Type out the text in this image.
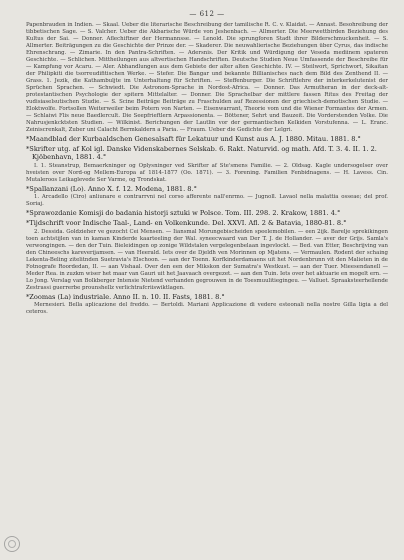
— 612 —

Papenbrauden in Indien. — Skaal. Ueber die literarische Beschreibung der tamilische R. C. v. Klaidat. — Annast. Besohreibung der tibbetischen Sage. — S. Valcher. Ueber die Akbarische Würde von Jeshenbach. — Allmerter. Die Meerwettbirden Beziehung des Kultus der Sai. — Donner. Aflechiftner der Hermannsse. — Lenold. Die sprungforen Stadt ihrer Bilderschmuckenheit. — S. Allmerter. Beiträgungen zu die Geschichte der Prinze der. — Skaderer. Die neuwahlierische Beziehungen über Cyrus, das indische Ehrenschrang. — Zimarie. In den Pantra-Schriften. — Adersnis. Der Kritik und Würdigung der Veseda mediinem spateren Geschichte. — Schlichen. Mittheilungen aus altvertischen Handschriften. Deutsche Studien Neue Umfassende der Beschreibe für — Kampfung vor Acaru. — Aler. Abhandlungen aus dem Gebiete der alter alten Geschichte. IV. — Steilwort, Sprichwort, Sikaitan der Philipkiti die tsorreudifitischen Werke. — Stefer. Die Bangar und bekannte Billianisches nach dem Bild des Zenthend II. — Grass. 1. Jezik, die Kathambuljte im Unterhaltung für Schriften. — Steffenburger. Die Schriftlehre der interkerkelutenist der Sprüchen Sprachen. — Schwiedt. Die Astronom-Sprache in Nordost-Africa. — Donner. Das Armutheran in der deck-alt-protestantischen Psychologie der spitern Mittelalter. — Donner. Die Sprachelbar der mittlere fassen Ritus des Freitag der vudisiaselsutischen Studie. — S. Scine Beiträge Beiträge zu Fraschulden auf Rezessionen der griechisch-demotischen Studie. — Eloktwolfe. Fortsollen Weiterweiler beim Potern von Narten. — Eisenwarrant, Theorie vom und die Wiener Formantes der Armen. — Schlaiwi Flis neue Baedlercult. Die Seepfrieftlern Arpassionenta. — Böttener, Sehrt und Bauzeit. Die Vorderstenden Volke. Die Nahrusjenkcktsten Studien. — Wilkinist. Berichungen der Lautlin vor der germantischen Kelkiden Vorstufenna. — L. Eranc. Zeiniscrenkalt, Zuber uni Calacht Bermkaldern a Paria. — Fraum. Ueber die Gedichte der Lelgri.

*Maandblad der Kurbaaldschen Genesalsaft für Lekatuur und Kunst aus A. J. 1880. Mitau. 1881. 8.°

*Skrifter utg. af Kol igl. Danske Videnskabernes Selskab. 6. Rakt. Naturvid. og math. Afd. T. 3. 4. II. 1. 2. Kjöbenhavn, 1881. 4.°

I. 1. Steanstrup, Bemaerkninger og Oplysninger ved Skrifter af Ste'smens Familie. — 2. Oldsag. Kagle undersogelser over hveisten over Nord-og Mellem-Europa af 1814-1877 (Oo. 1871). — 3. Forening. Familien Fenbidnagens. — H. Lavess. Cin. Mutaleroos Leikaglevede Ser Varme, og Trondskat.

*Spallanzani (Lo). Anno X. f. 12. Modena, 1881. 8.°

1. Arcadello (Ciro) anliunare e contrarrvni nel corso afferente nall'enrmo. — Jugnoll. Lavaol nella malattia osseae; del prof. Soriaj.

*Sprawozdanie Komisji do badania historji sztuki w Polsce. Tom. III. 298. 2. Krakow, 1881. 4.°

*Tijdschrift voor Indische Taal-, Land- en Volkenkunde. Del. XXVI. Afl. 2 & Batavia, 1880-81. 8.°

2. Dessida. Goldzieher ve gezocht Cei Mensen. — Iiansmal Morungebischeiden speelemobilen. — een 2ijk. Barelje sprekikingen toen achtstijlen van in kaman Kinderde kaarteeling der Wal. syneecwaard van Der T. J. de Hollander. — aver der Grijs. Samla's verwongingen. — den der Tuin. Bieleidingen op zonige Wildstalen vergelegenbelaan ingevlockt. — Bed. van Etter, Beschrijving van den Chineeschs kareverijamsen. — van Heerald. Iets over de Djeldh ven Morinnen op Mjatens. — Vermaulen. Rodent der schaing Lekenta-Beling zitelitnden Suetravia's Elschoon. — aan der Toenn. Korfkinderdamaens uit het Nordenbrunn vit den Malieten in de Fotnografe Roordedan, II. — aan Vishaal. Over den een der Mikskon der Sumatra's Westkust. — aan der Tuer. Mieesendanell — Meder Rea. in zuzkm wiser het maar van Gauri uit het Jaavaach overgezet. — aan den Tuin. Iets over het aktuarie en mogelt ern. — Lo Jong. Verslag van Bolkberger Intensie Nietend verhanden gegrouwen in de Toesmuulitiegingeu. — Valluet. Spraaksteerhellende Zestrassi guerrerbe prounshellz verlichtrafcriiswiktlagen.

*Zoomas (La) industriale. Anno II. n. 10. II. Fasts, 1881. 8.°

Mernesieri. Bella aplicazione del freddo. — Bertoldi. Mariani Applicazione di vedere esteonali nella nostre Gilla ligia a del ceteros.
